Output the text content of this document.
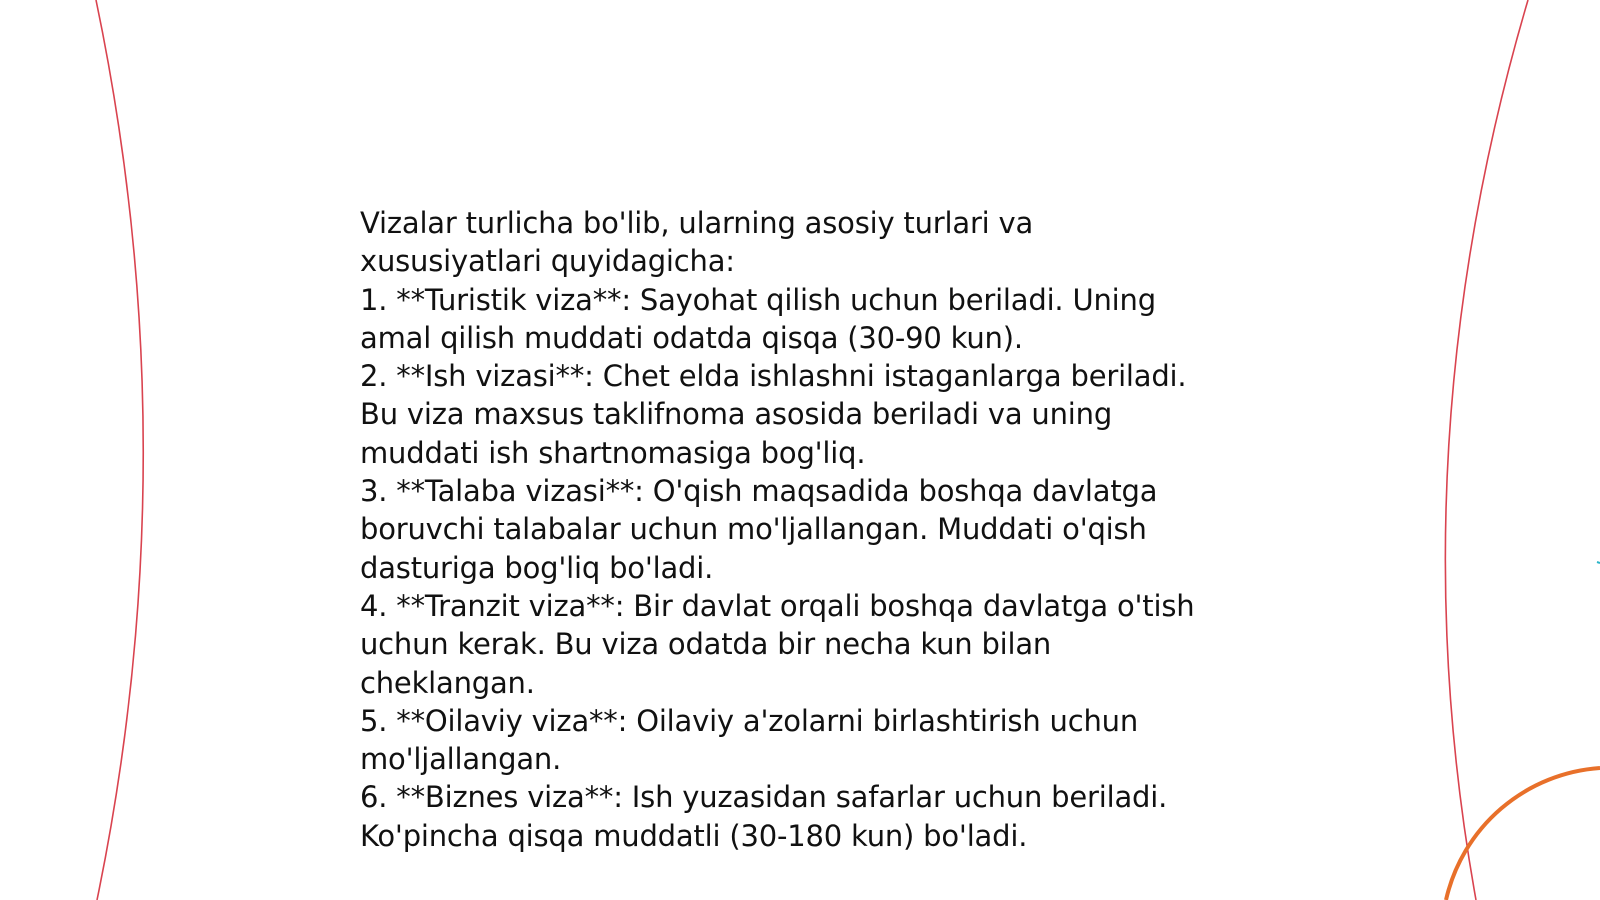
Vizalar turlicha bo'lib, ularning asosiy turlari va

xususiyatlari quyidagicha:

1. **Turistik viza**: Sayohat qilish uchun beriladi. Uning

amal qilish muddati odatda qisqa (30-90 kun).

2. **Ish vizasi**: Chet elda ishlashni istaganlarga beriladi.

Bu viza maxsus taklifnoma asosida beriladi va uning

muddati ish shartnomasiga bog'liq.

3. **Talaba vizasi**: O'qish maqsadida boshqa davlatga

boruvchi talabalar uchun mo'ljallangan. Muddati o'qish

dasturiga bog'liq bo'ladi.

4. **Tranzit viza**: Bir davlat orqali boshqa davlatga o'tish

uchun kerak. Bu viza odatda bir necha kun bilan

cheklangan.

5. **Oilaviy viza**: Oilaviy a'zolarni birlashtirish uchun

mo'ljallangan.

6. **Biznes viza**: Ish yuzasidan safarlar uchun beriladi.

Ko'pincha qisqa muddatli (30-180 kun) bo'ladi.
